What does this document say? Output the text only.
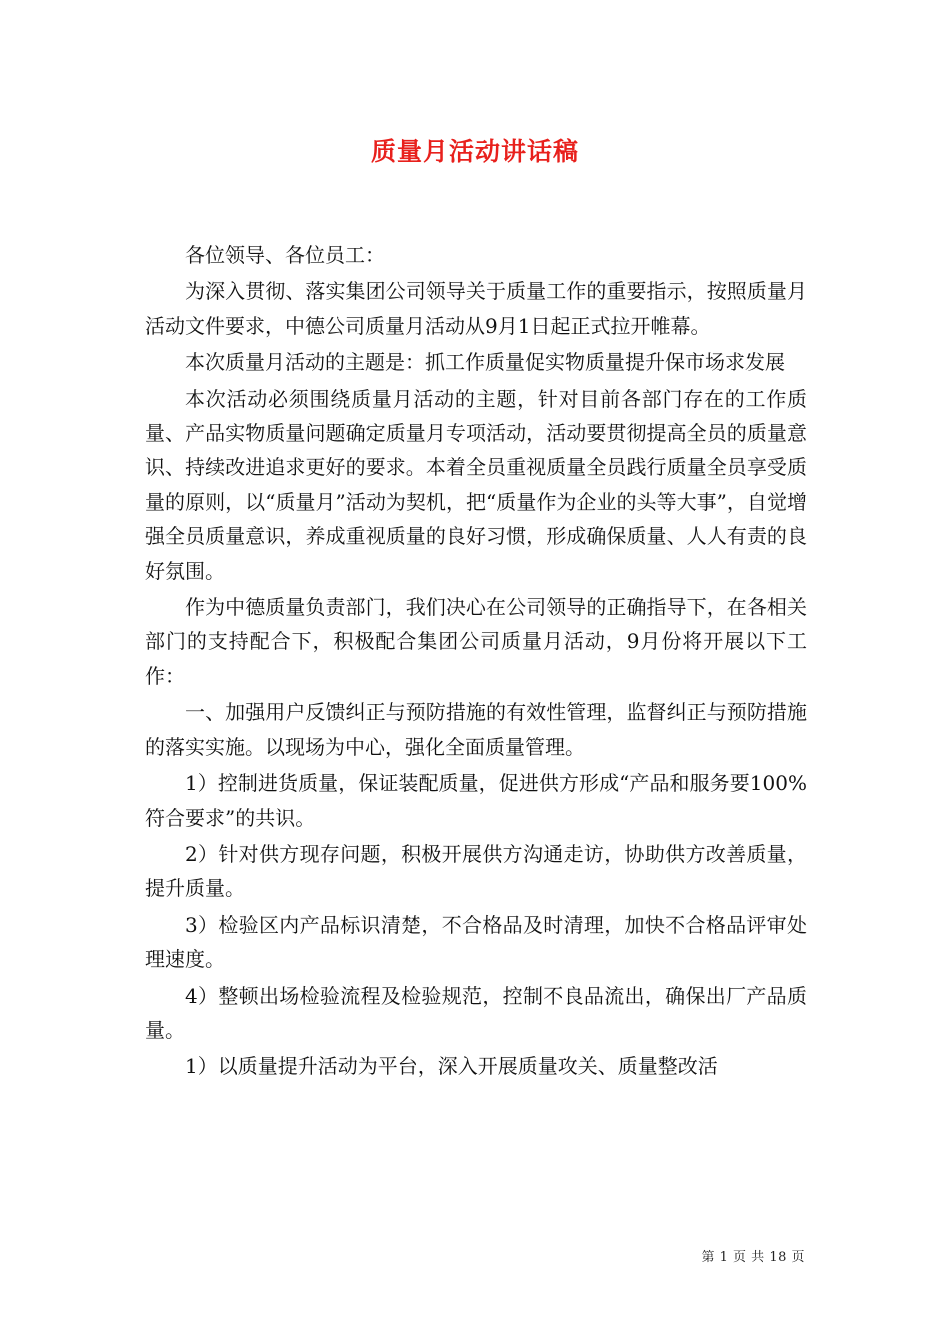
质量月活动讲话稿

各位领导、各位员工：

为深入贯彻、落实集团公司领导关于质量工作的重要指示，按照质量月活动文件要求，中德公司质量月活动从9月1日起正式拉开帷幕。

本次质量月活动的主题是：抓工作质量促实物质量提升保市场求发展

本次活动必须围绕质量月活动的主题，针对目前各部门存在的工作质量、产品实物质量问题确定质量月专项活动，活动要贯彻提高全员的质量意识、持续改进追求更好的要求。本着全员重视质量全员践行质量全员享受质量的原则，以“质量月”活动为契机，把“质量作为企业的头等大事”，自觉增强全员质量意识，养成重视质量的良好习惯，形成确保质量、人人有责的良好氛围。

作为中德质量负责部门，我们决心在公司领导的正确指导下，在各相关部门的支持配合下，积极配合集团公司质量月活动，9月份将开展以下工作：

一、加强用户反馈纠正与预防措施的有效性管理，监督纠正与预防措施的落实实施。以现场为中心，强化全面质量管理。

1）控制进货质量，保证装配质量，促进供方形成“产品和服务要100%符合要求”的共识。

2）针对供方现存问题，积极开展供方沟通走访，协助供方改善质量，提升质量。

3）检验区内产品标识清楚，不合格品及时清理，加快不合格品评审处理速度。

4）整顿出场检验流程及检验规范，控制不良品流出，确保出厂产品质量。

1）以质量提升活动为平台，深入开展质量攻关、质量整改活

第 1 页 共 18 页
